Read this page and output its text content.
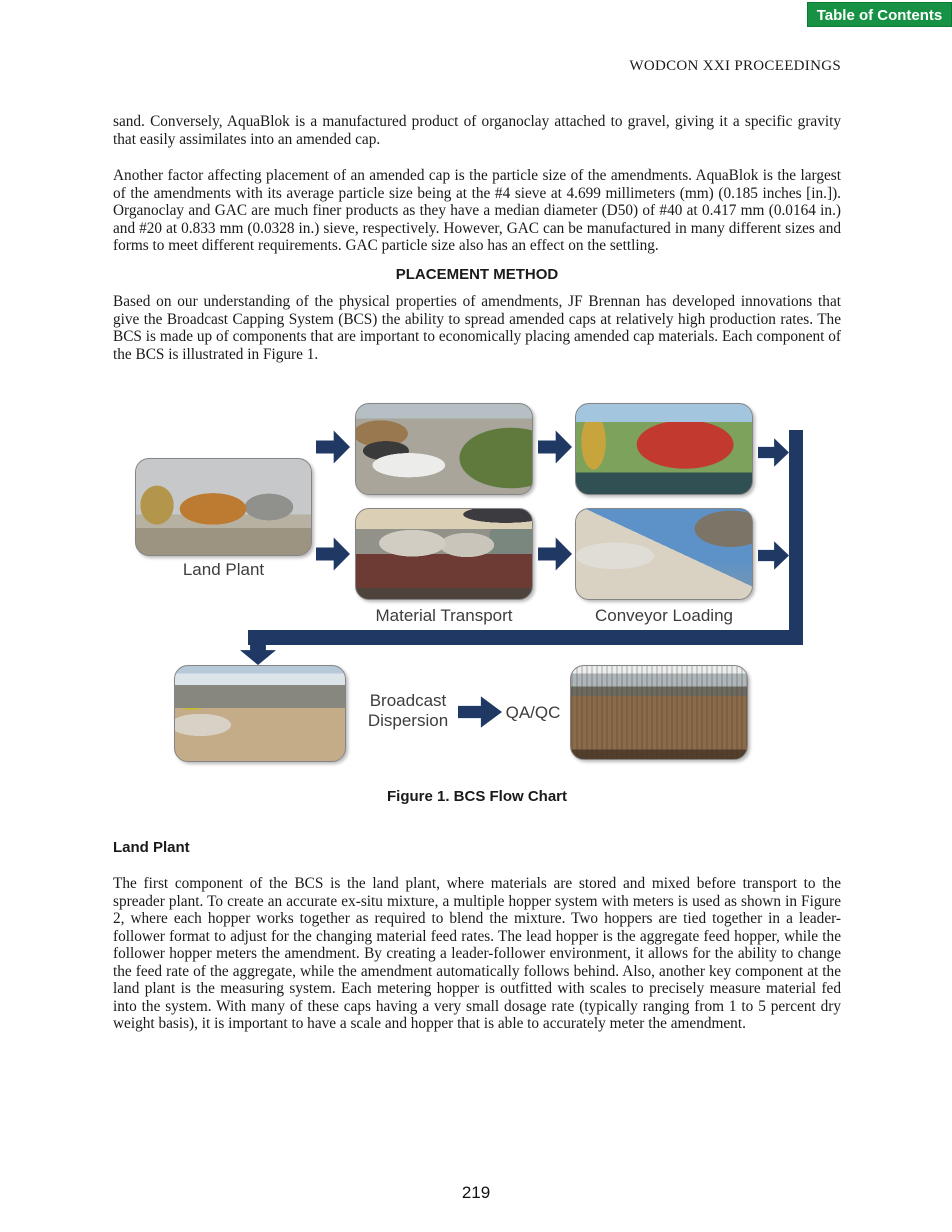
Table of Contents
WODCON XXI PROCEEDINGS
sand. Conversely, AquaBlok is a manufactured product of organoclay attached to gravel, giving it a specific gravity that easily assimilates into an amended cap.
Another factor affecting placement of an amended cap is the particle size of the amendments. AquaBlok is the largest of the amendments with its average particle size being at the #4 sieve at 4.699 millimeters (mm) (0.185 inches [in.]). Organoclay and GAC are much finer products as they have a median diameter (D50) of #40 at 0.417 mm (0.0164 in.) and #20 at 0.833 mm (0.0328 in.) sieve, respectively. However, GAC can be manufactured in many different sizes and forms to meet different requirements. GAC particle size also has an effect on the settling.
PLACEMENT METHOD
Based on our understanding of the physical properties of amendments, JF Brennan has developed innovations that give the Broadcast Capping System (BCS) the ability to spread amended caps at relatively high production rates. The BCS is made up of components that are important to economically placing amended cap materials. Each component of the BCS is illustrated in Figure 1.
Land Plant
Material Transport	Conveyor Loading
Broadcast Dispersion	QA/QC
Figure 1. BCS Flow Chart
Land Plant
The first component of the BCS is the land plant, where materials are stored and mixed before transport to the spreader plant. To create an accurate ex-situ mixture, a multiple hopper system with meters is used as shown in Figure 2, where each hopper works together as required to blend the mixture. Two hoppers are tied together in a leader-follower format to adjust for the changing material feed rates. The lead hopper is the aggregate feed hopper, while the follower hopper meters the amendment. By creating a leader-follower environment, it allows for the ability to change the feed rate of the aggregate, while the amendment automatically follows behind. Also, another key component at the land plant is the measuring system. Each metering hopper is outfitted with scales to precisely measure material fed into the system. With many of these caps having a very small dosage rate (typically ranging from 1 to 5 percent dry weight basis), it is important to have a scale and hopper that is able to accurately meter the amendment.
219
